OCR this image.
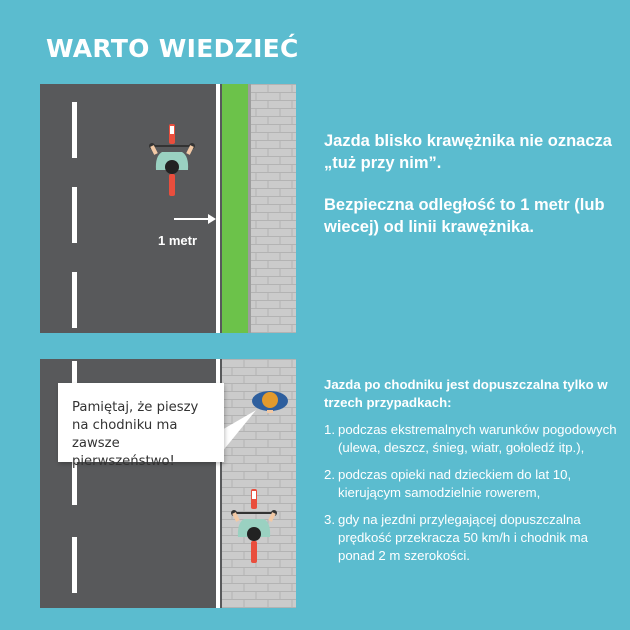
WARTO WIEDZIEĆ
1 metr

Jazda blisko krawężnika nie oznacza „tuż przy nim”.

Bezpieczna odległość to 1 metr (lub wiecej) od linii krawężnika.

Pamiętaj, że pieszy na chodniku ma zawsze pierwszeństwo!

Jazda po chodniku jest dopuszczalna tylko w trzech przypadkach:

1. podczas ekstremalnych warunków pogodowych (ulewa, deszcz, śnieg, wiatr, gołoledź itp.),
2. podczas opieki nad dzieckiem do lat 10, kierującym samodzielnie rowerem,
3. gdy na jezdni przylegającej dopuszczalna prędkość przekracza 50 km/h i chodnik ma ponad 2 m szerokości.
